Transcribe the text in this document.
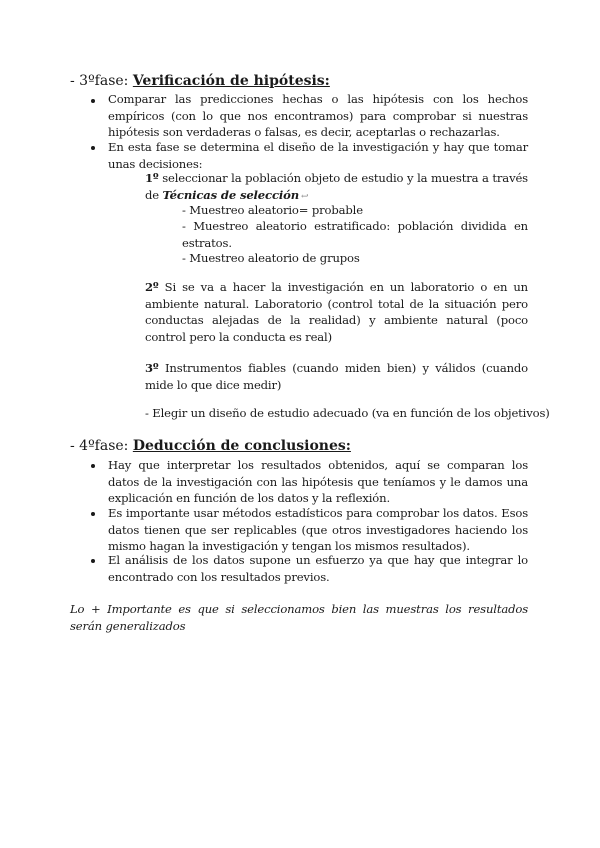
- 3ºfase: Verificación de hipótesis:
Comparar las predicciones hechas o las hipótesis con los hechos empíricos (con lo que nos encontramos) para comprobar si nuestras hipótesis son verdaderas o falsas, es decir, aceptarlas o rechazarlas.
En esta fase se determina el diseño de la investigación y hay que tomar unas decisiones:
1º seleccionar la población objeto de estudio y la muestra a través de Técnicas de selección ↩
- Muestreo aleatorio= probable
- Muestreo aleatorio estratificado: población dividida en estratos.
- Muestreo aleatorio de grupos
2º Si se va a hacer la investigación en un laboratorio o en un ambiente natural. Laboratorio (control total de la situación pero conductas alejadas de la realidad) y ambiente natural (poco control pero la conducta es real)
3º Instrumentos fiables (cuando miden bien) y válidos (cuando mide lo que dice medir)
- Elegir un diseño de estudio adecuado (va en función de los objetivos)
- 4ºfase: Deducción de conclusiones:
Hay que interpretar los resultados obtenidos, aquí se comparan los datos de la investigación con las hipótesis que teníamos y le damos una explicación en función de los datos y la reflexión.
Es importante usar métodos estadísticos para comprobar los datos. Esos datos tienen que ser replicables (que otros investigadores haciendo los mismo hagan la investigación y tengan los mismos resultados).
El análisis de los datos supone un esfuerzo ya que hay que integrar lo encontrado con los resultados previos.
Lo + Importante es que si seleccionamos bien las muestras los resultados serán generalizados
